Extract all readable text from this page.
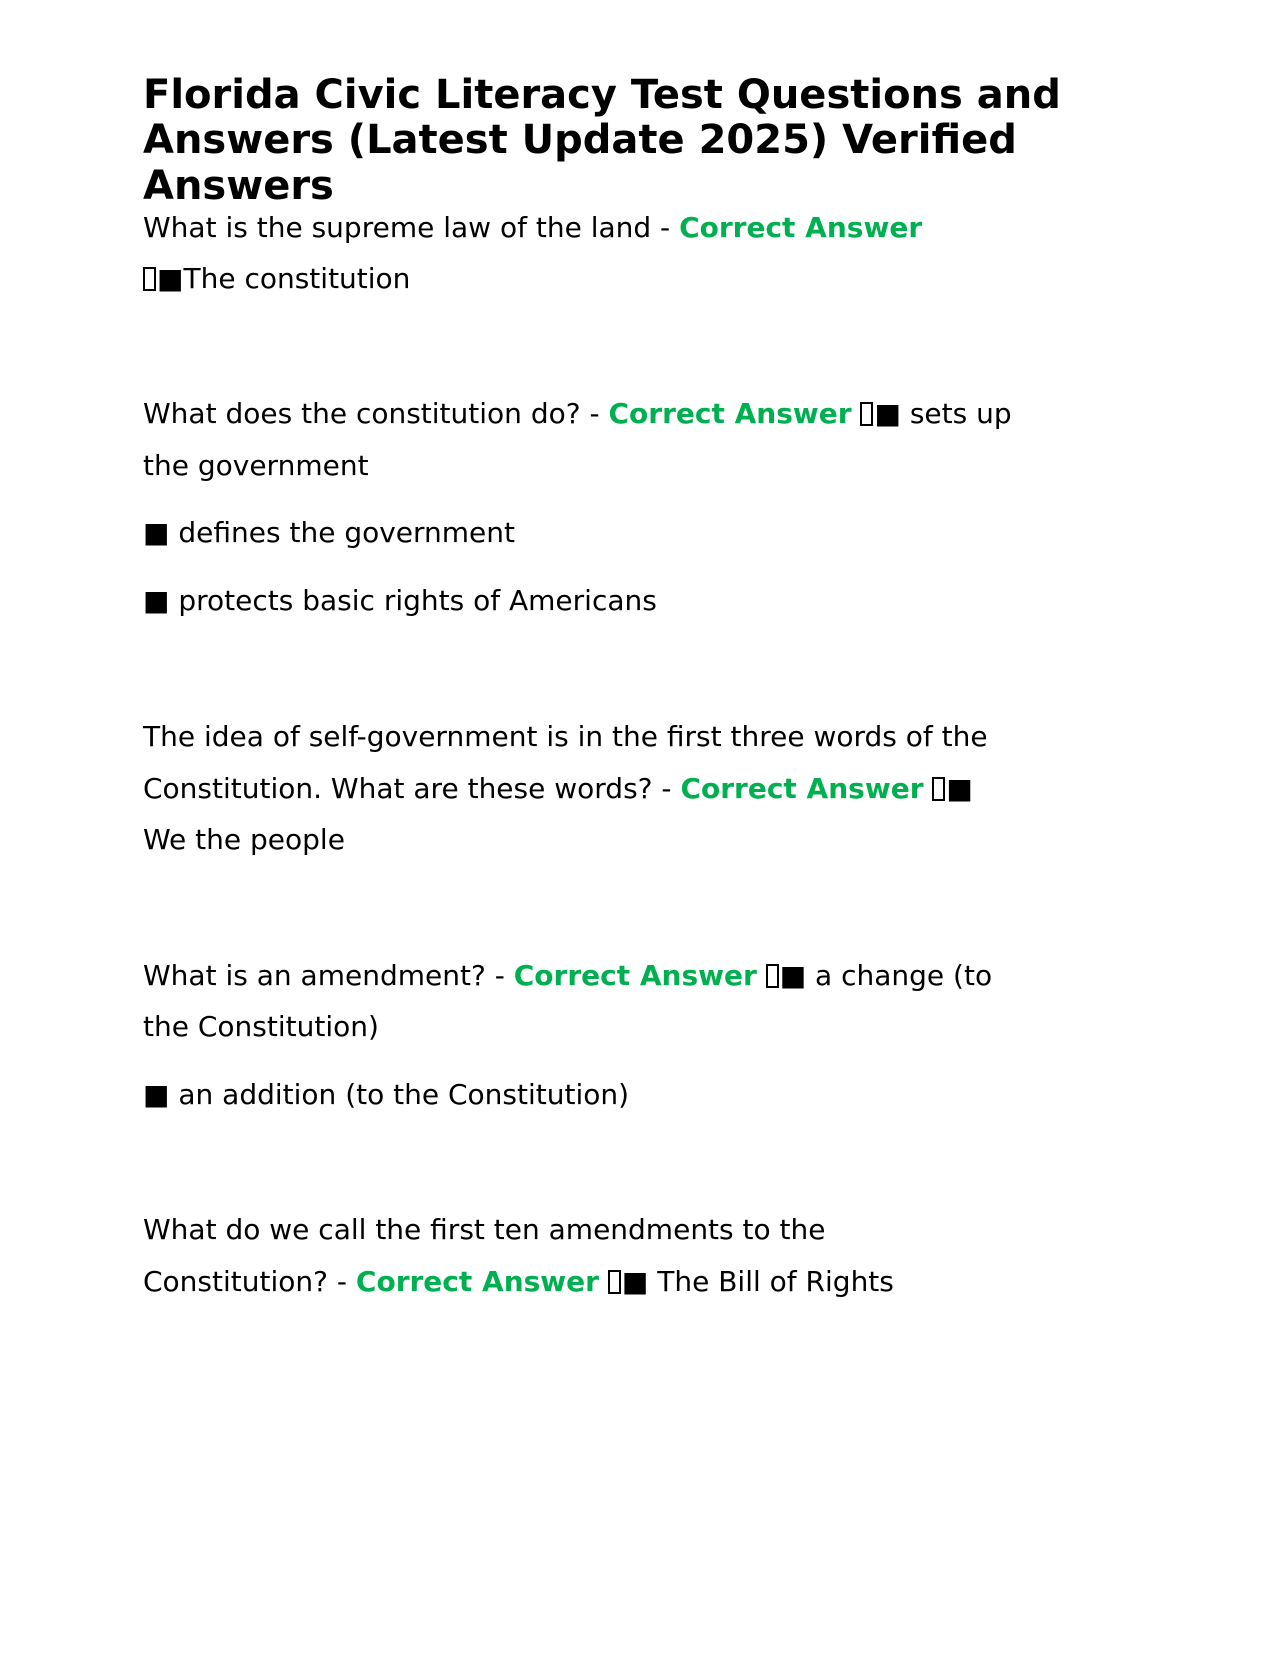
Florida Civic Literacy Test Questions and
Answers (Latest Update 2025) Verified
Answers
What is the supreme law of the land - Correct Answer
■The constitution
What does the constitution do? - Correct Answer ■ sets up
the government
■ defines the government
■ protects basic rights of Americans
The idea of self-government is in the first three words of the
Constitution. What are these words? - Correct Answer ■
We the people
What is an amendment? - Correct Answer ■ a change (to
the Constitution)
■ an addition (to the Constitution)
What do we call the first ten amendments to the
Constitution? - Correct Answer ■ The Bill of Rights
